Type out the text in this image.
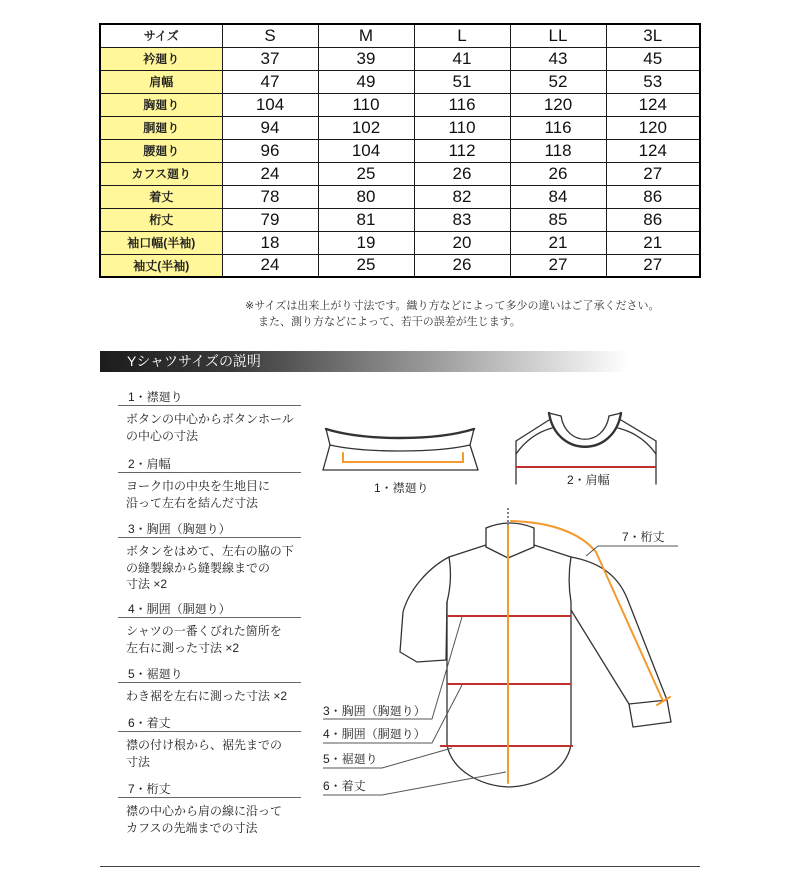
サイズ	S	M	L	LL	3L
衿廻り	37	39	41	43	45
肩幅	47	49	51	52	53
胸廻り	104	110	116	120	124
胴廻り	94	102	110	116	120
腰廻り	96	104	112	118	124
カフス廻り	24	25	26	26	27
着丈	78	80	82	84	86
桁丈	79	81	83	85	86
袖口幅(半袖)	18	19	20	21	21
袖丈(半袖)	24	25	26	27	27
※サイズは出来上がり寸法です。織り方などによって多少の違いはご了承ください。
また、測り方などによって、若干の誤差が生じます。
Yシャツサイズの説明
1・襟廻り
ボタンの中心からボタンホール
の中心の寸法
2・肩幅
ヨーク巾の中央を生地目に
沿って左右を結んだ寸法
3・胸囲（胸廻り）
ボタンをはめて、左右の脇の下
の縫製線から縫製線までの
寸法 ×2
4・胴囲（胴廻り）
シャツの一番くびれた箇所を
左右に測った寸法 ×2
5・裾廻り
わき裾を左右に測った寸法 ×2
6・着丈
襟の付け根から、裾先までの
寸法
7・桁丈
襟の中心から肩の線に沿って
カフスの先端までの寸法
1・襟廻り
2・肩幅
7・桁丈
3・胸囲（胸廻り）
4・胴囲（胴廻り）
5・裾廻り
6・着丈
